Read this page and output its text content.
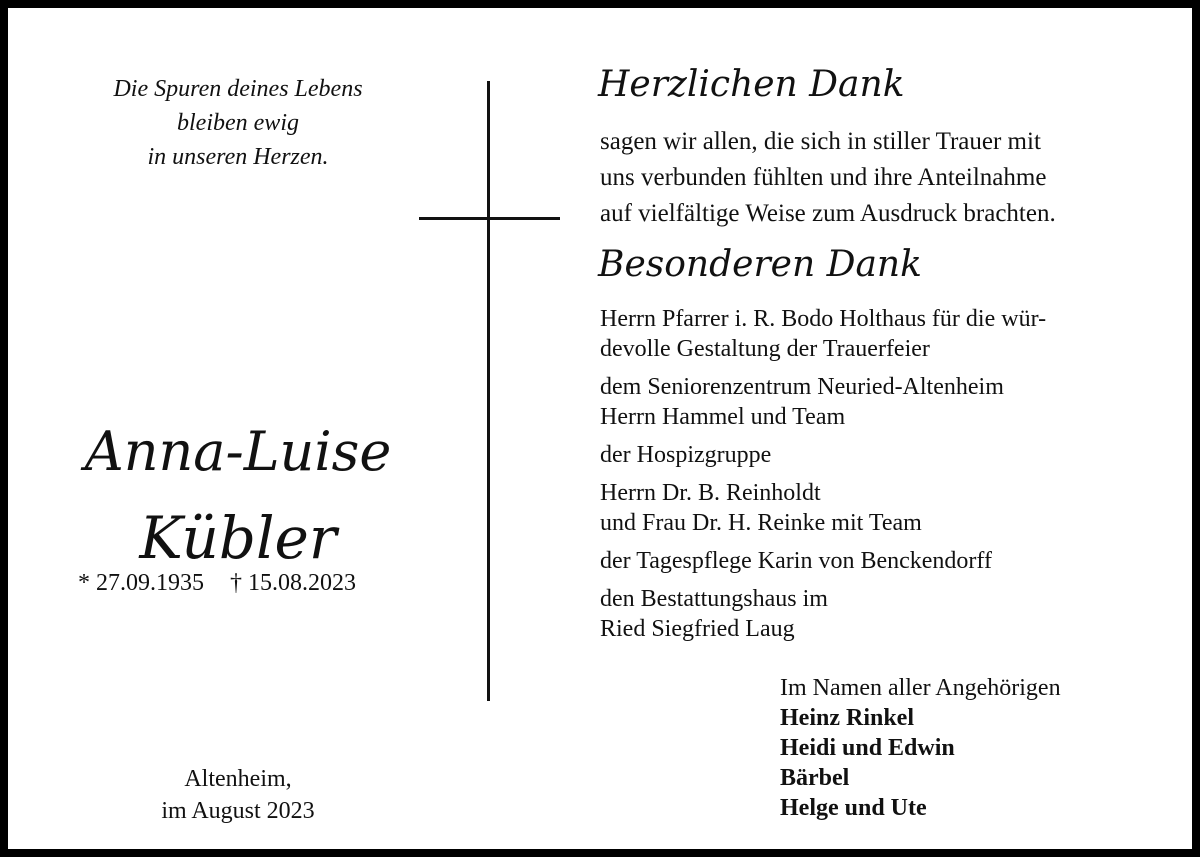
Die Spuren deines Lebens
bleiben ewig
in unseren Herzen.
Anna-Luise
Kübler
* 27.09.1935 † 15.08.2023
Altenheim,
im August 2023
Herzlichen Dank
sagen wir allen, die sich in stiller Trauer mit
uns verbunden fühlten und ihre Anteilnahme
auf vielfältige Weise zum Ausdruck brachten.
Besonderen Dank
Herrn Pfarrer i. R. Bodo Holthaus für die wür-
devolle Gestaltung der Trauerfeier
dem Seniorenzentrum Neuried-Altenheim
Herrn Hammel und Team
der Hospizgruppe
Herrn Dr. B. Reinholdt
und Frau Dr. H. Reinke mit Team
der Tagespflege Karin von Benckendorff
den Bestattungshaus im
Ried Siegfried Laug
Im Namen aller Angehörigen
Heinz Rinkel
Heidi und Edwin
Bärbel
Helge und Ute
